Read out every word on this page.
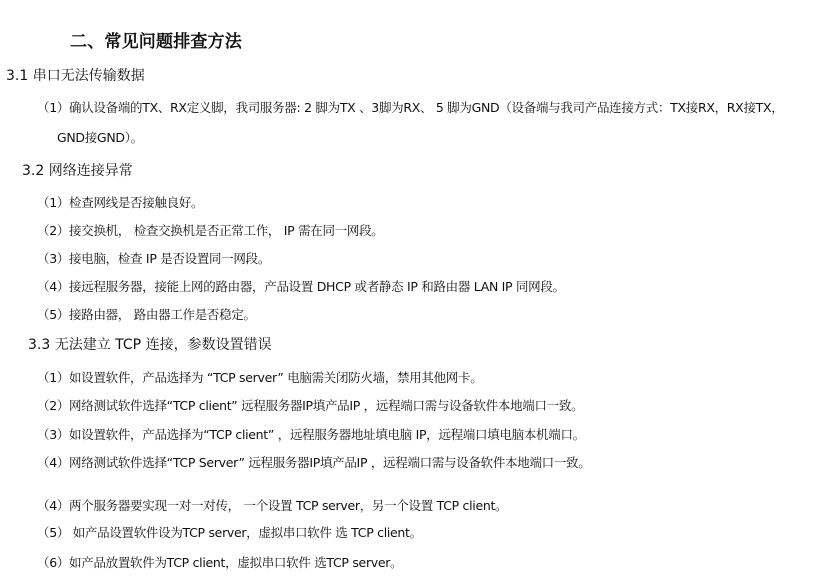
二、常见问题排查方法
3.1 串口无法传输数据
（1）确认设备端的TX、RX定义脚，我司服务器: 2 脚为TX 、3脚为RX、 5 脚为GND（设备端与我司产品连接方式：TX接RX，RX接TX，
GND接GND）。
3.2 网络连接异常
（1）检查网线是否接触良好。
（2）接交换机， 检查交换机是否正常工作， IP 需在同一网段。
（3）接电脑，检查 IP 是否设置同一网段。
（4）接远程服务器，接能上网的路由器，产品设置 DHCP 或者静态 IP 和路由器 LAN IP 同网段。
（5）接路由器， 路由器工作是否稳定。
3.3 无法建立 TCP 连接，参数设置错误
（1）如设置软件，产品选择为 “TCP server” 电脑需关闭防火墙，禁用其他网卡。
（2）网络测试软件选择“TCP client” 远程服务器IP填产品IP ，远程端口需与设备软件本地端口一致。
（3）如设置软件，产品选择为“TCP client” ，远程服务器地址填电脑 IP，远程端口填电脑本机端口。
（4）网络测试软件选择“TCP Server” 远程服务器IP填产品IP ，远程端口需与设备软件本地端口一致。
（4）两个服务器要实现一对一对传， 一个设置 TCP server，另一个设置 TCP client。
（5） 如产品设置软件设为TCP server，虚拟串口软件 选 TCP client。
（6）如产品放置软件为TCP client，虚拟串口软件 选TCP server。
